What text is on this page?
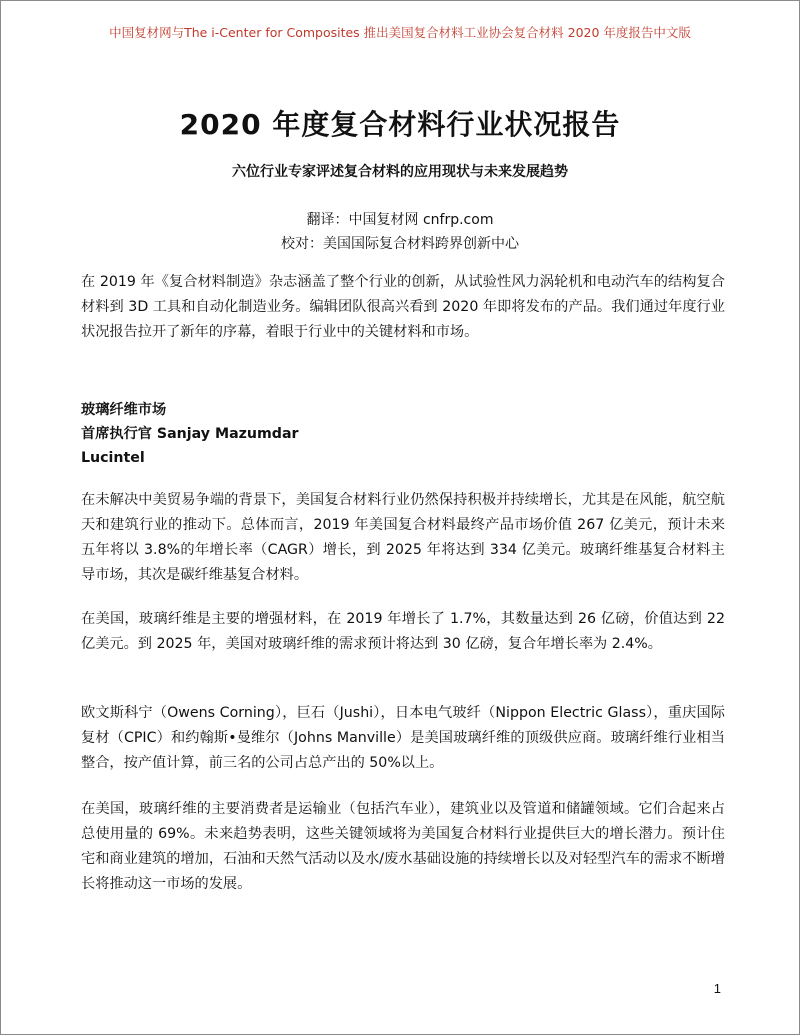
中国复材网与The i-Center for Composites 推出美国复合材料工业协会复合材料 2020 年度报告中文版
2020 年度复合材料行业状况报告
六位行业专家评述复合材料的应用现状与未来发展趋势
翻译：中国复材网 cnfrp.com
校对：美国国际复合材料跨界创新中心

在 2019 年《复合材料制造》杂志涵盖了整个行业的创新，从试验性风力涡轮机和电动汽车的结构复合材料到 3D 工具和自动化制造业务。编辑团队很高兴看到 2020 年即将发布的产品。我们通过年度行业状况报告拉开了新年的序幕，着眼于行业中的关键材料和市场。

玻璃纤维市场
首席执行官 Sanjay Mazumdar
Lucintel

在未解决中美贸易争端的背景下，美国复合材料行业仍然保持积极并持续增长，尤其是在风能，航空航天和建筑行业的推动下。总体而言，2019 年美国复合材料最终产品市场价值 267 亿美元，预计未来五年将以 3.8%的年增长率（CAGR）增长，到 2025 年将达到 334 亿美元。玻璃纤维基复合材料主导市场，其次是碳纤维基复合材料。

在美国，玻璃纤维是主要的增强材料，在 2019 年增长了 1.7%，其数量达到 26 亿磅，价值达到 22 亿美元。到 2025 年，美国对玻璃纤维的需求预计将达到 30 亿磅，复合年增长率为 2.4%。

欧文斯科宁（Owens Corning），巨石（Jushi），日本电气玻纤（Nippon Electric Glass），重庆国际复材（CPIC）和约翰斯•曼维尔（Johns Manville）是美国玻璃纤维的顶级供应商。玻璃纤维行业相当整合，按产值计算，前三名的公司占总产出的 50%以上。

在美国，玻璃纤维的主要消费者是运输业（包括汽车业），建筑业以及管道和储罐领域。它们合起来占总使用量的 69%。未来趋势表明，这些关键领域将为美国复合材料行业提供巨大的增长潜力。预计住宅和商业建筑的增加，石油和天然气活动以及水/废水基础设施的持续增长以及对轻型汽车的需求不断增长将推动这一市场的发展。

1
